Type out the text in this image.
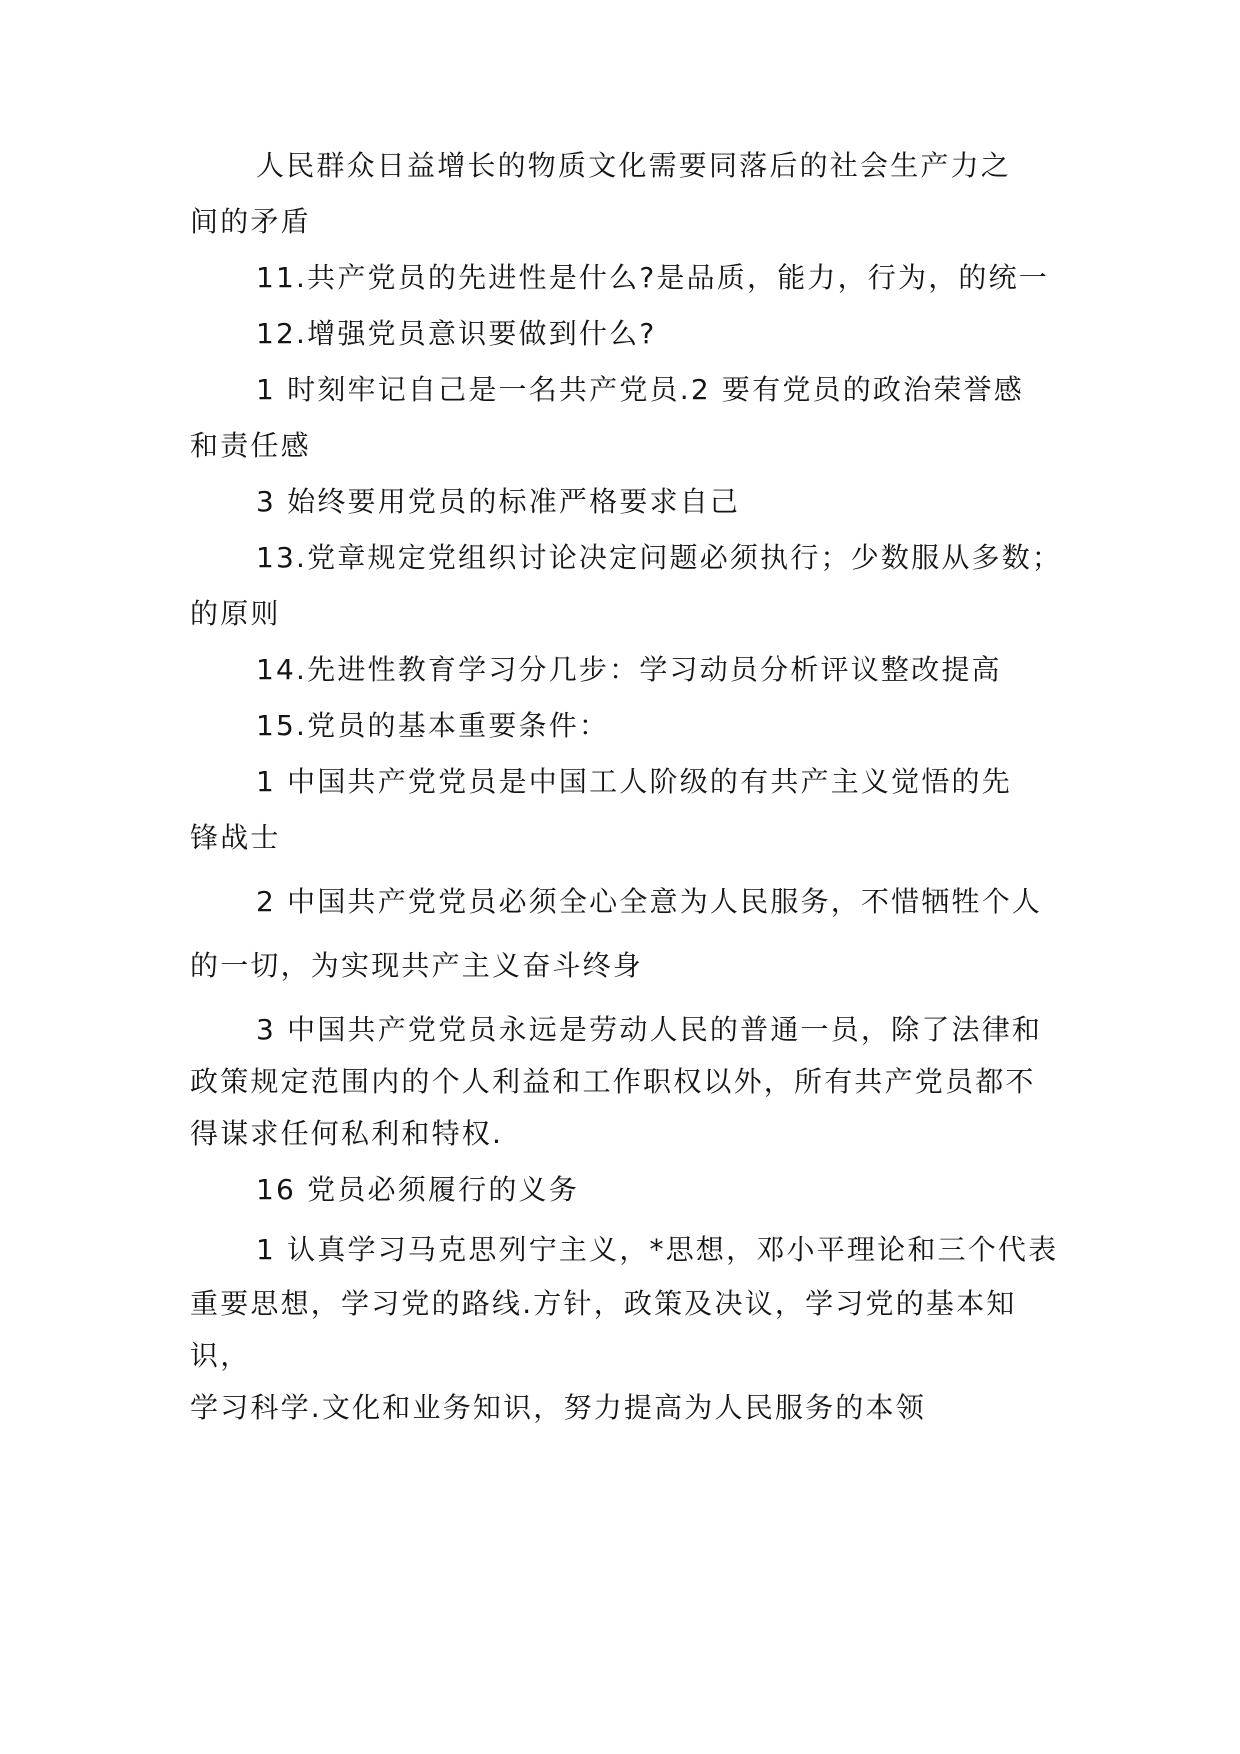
人民群众日益增长的物质文化需要同落后的社会生产力之
间的矛盾
11.共产党员的先进性是什么?是品质，能力，行为，的统一
12.增强党员意识要做到什么?
1 时刻牢记自己是一名共产党员.2 要有党员的政治荣誉感
和责任感
3 始终要用党员的标准严格要求自己
13.党章规定党组织讨论决定问题必须执行；少数服从多数；
的原则
14.先进性教育学习分几步：学习动员分析评议整改提高
15.党员的基本重要条件：
1 中国共产党党员是中国工人阶级的有共产主义觉悟的先
锋战士
2 中国共产党党员必须全心全意为人民服务，不惜牺牲个人
的一切，为实现共产主义奋斗终身
3 中国共产党党员永远是劳动人民的普通一员，除了法律和
政策规定范围内的个人利益和工作职权以外，所有共产党员都不
得谋求任何私利和特权.
16 党员必须履行的义务
1 认真学习马克思列宁主义，*思想，邓小平理论和三个代表
重要思想，学习党的路线.方针，政策及决议，学习党的基本知
识，
学习科学.文化和业务知识，努力提高为人民服务的本领
